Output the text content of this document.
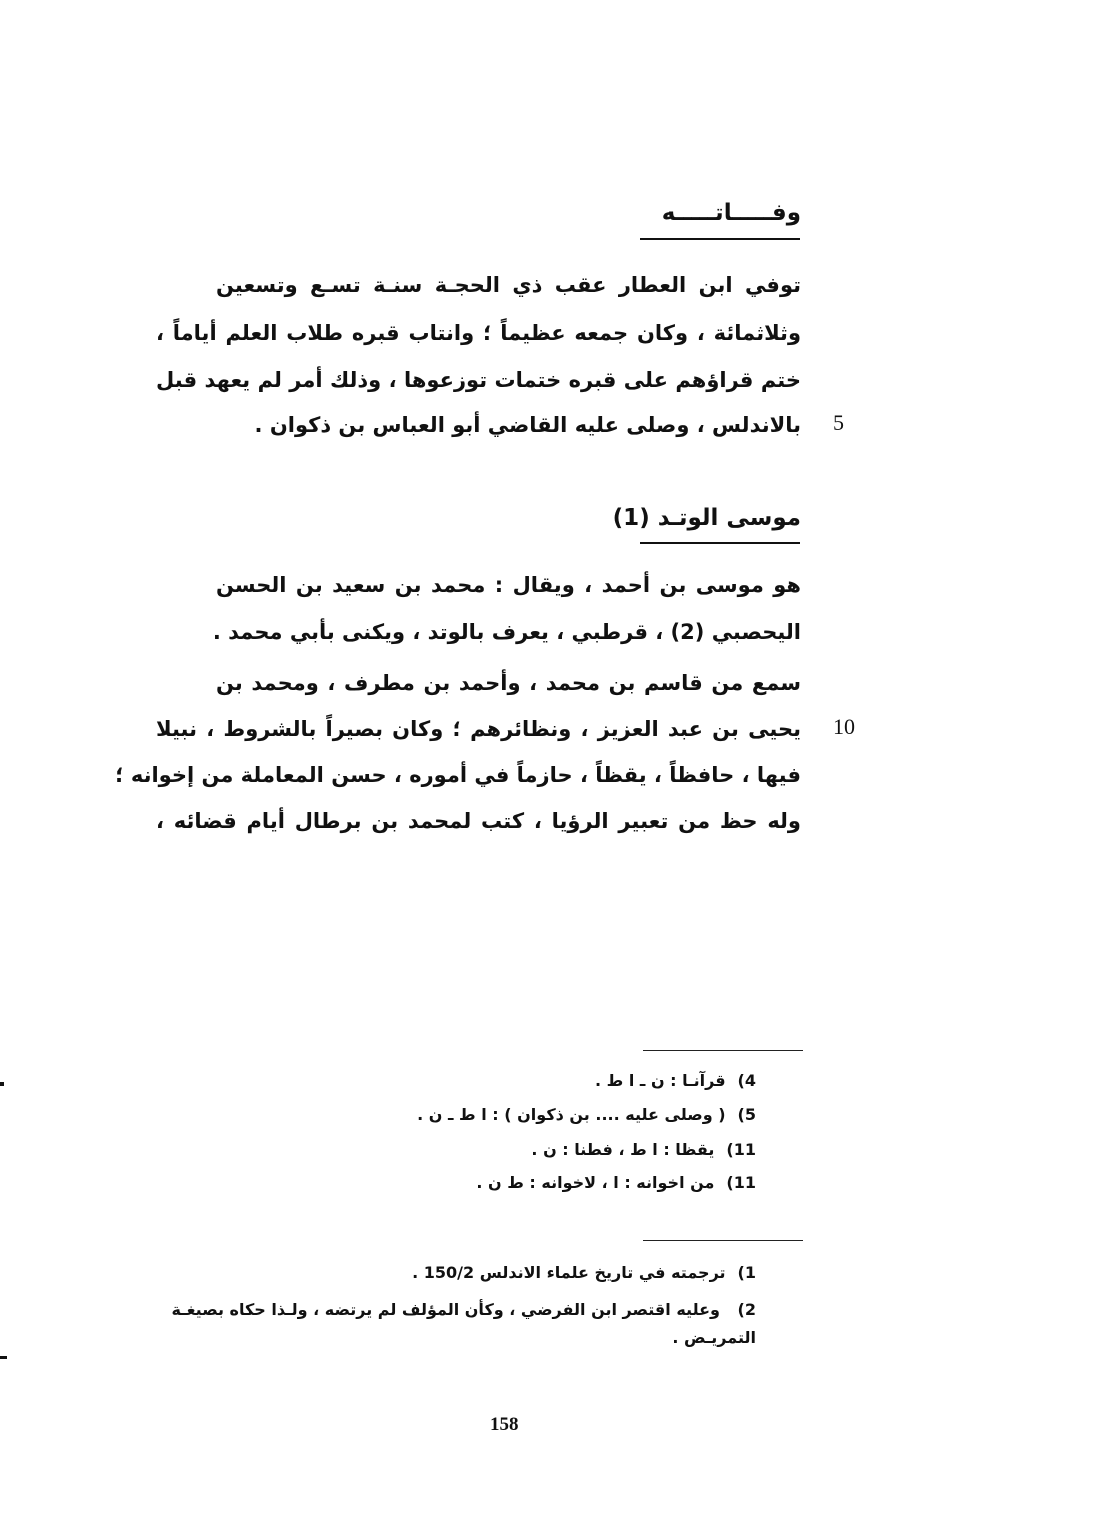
وفـــــاتـــــه
توفي ابن العطار عقب ذي الحجـة سنـة تسـع وتسعين
وثلاثمائة ، وكان جمعه عظيماً ؛ وانتاب قبره طلاب العلم أياماً ،
ختم قراؤهم على قبره ختمات توزعوها ، وذلك أمر لم يعهد قبل
بالاندلس ، وصلى عليه القاضي أبو العباس بن ذكوان . 5
موسى الوتـد (1)
هو موسى بن أحمد ، ويقال : محمد بن سعيد بن الحسن
اليحصبي (2) ، قرطبي ، يعرف بالوتد ، ويكنى بأبي محمد .
سمع من قاسم بن محمد ، وأحمد بن مطرف ، ومحمد بن
يحيى بن عبد العزيز ، ونظائرهم ؛ وكان بصيراً بالشروط ، نبيلا 10
فيها ، حافظاً ، يقظاً ، حازماً في أموره ، حسن المعاملة من إخوانه ؛
وله حظ من تعبير الرؤيا ، كتب لمحمد بن برطال أيام قضائه ،
4)قرآنـا : ن ـ ا ط .
5)( وصلى عليه .... بن ذكوان ) : ا ط ـ ن .
11)يقظا : ا ط ، فطنا : ن .
11)من اخوانه : ا ، لاخوانه : ط ن .
1)ترجمته في تاريخ علماء الاندلس 150/2 .
2) وعليه اقتصر ابن الفرضي ، وكأن المؤلف لم يرتضه ، ولـذا حكاه بصيغـة التمريـض .
158
